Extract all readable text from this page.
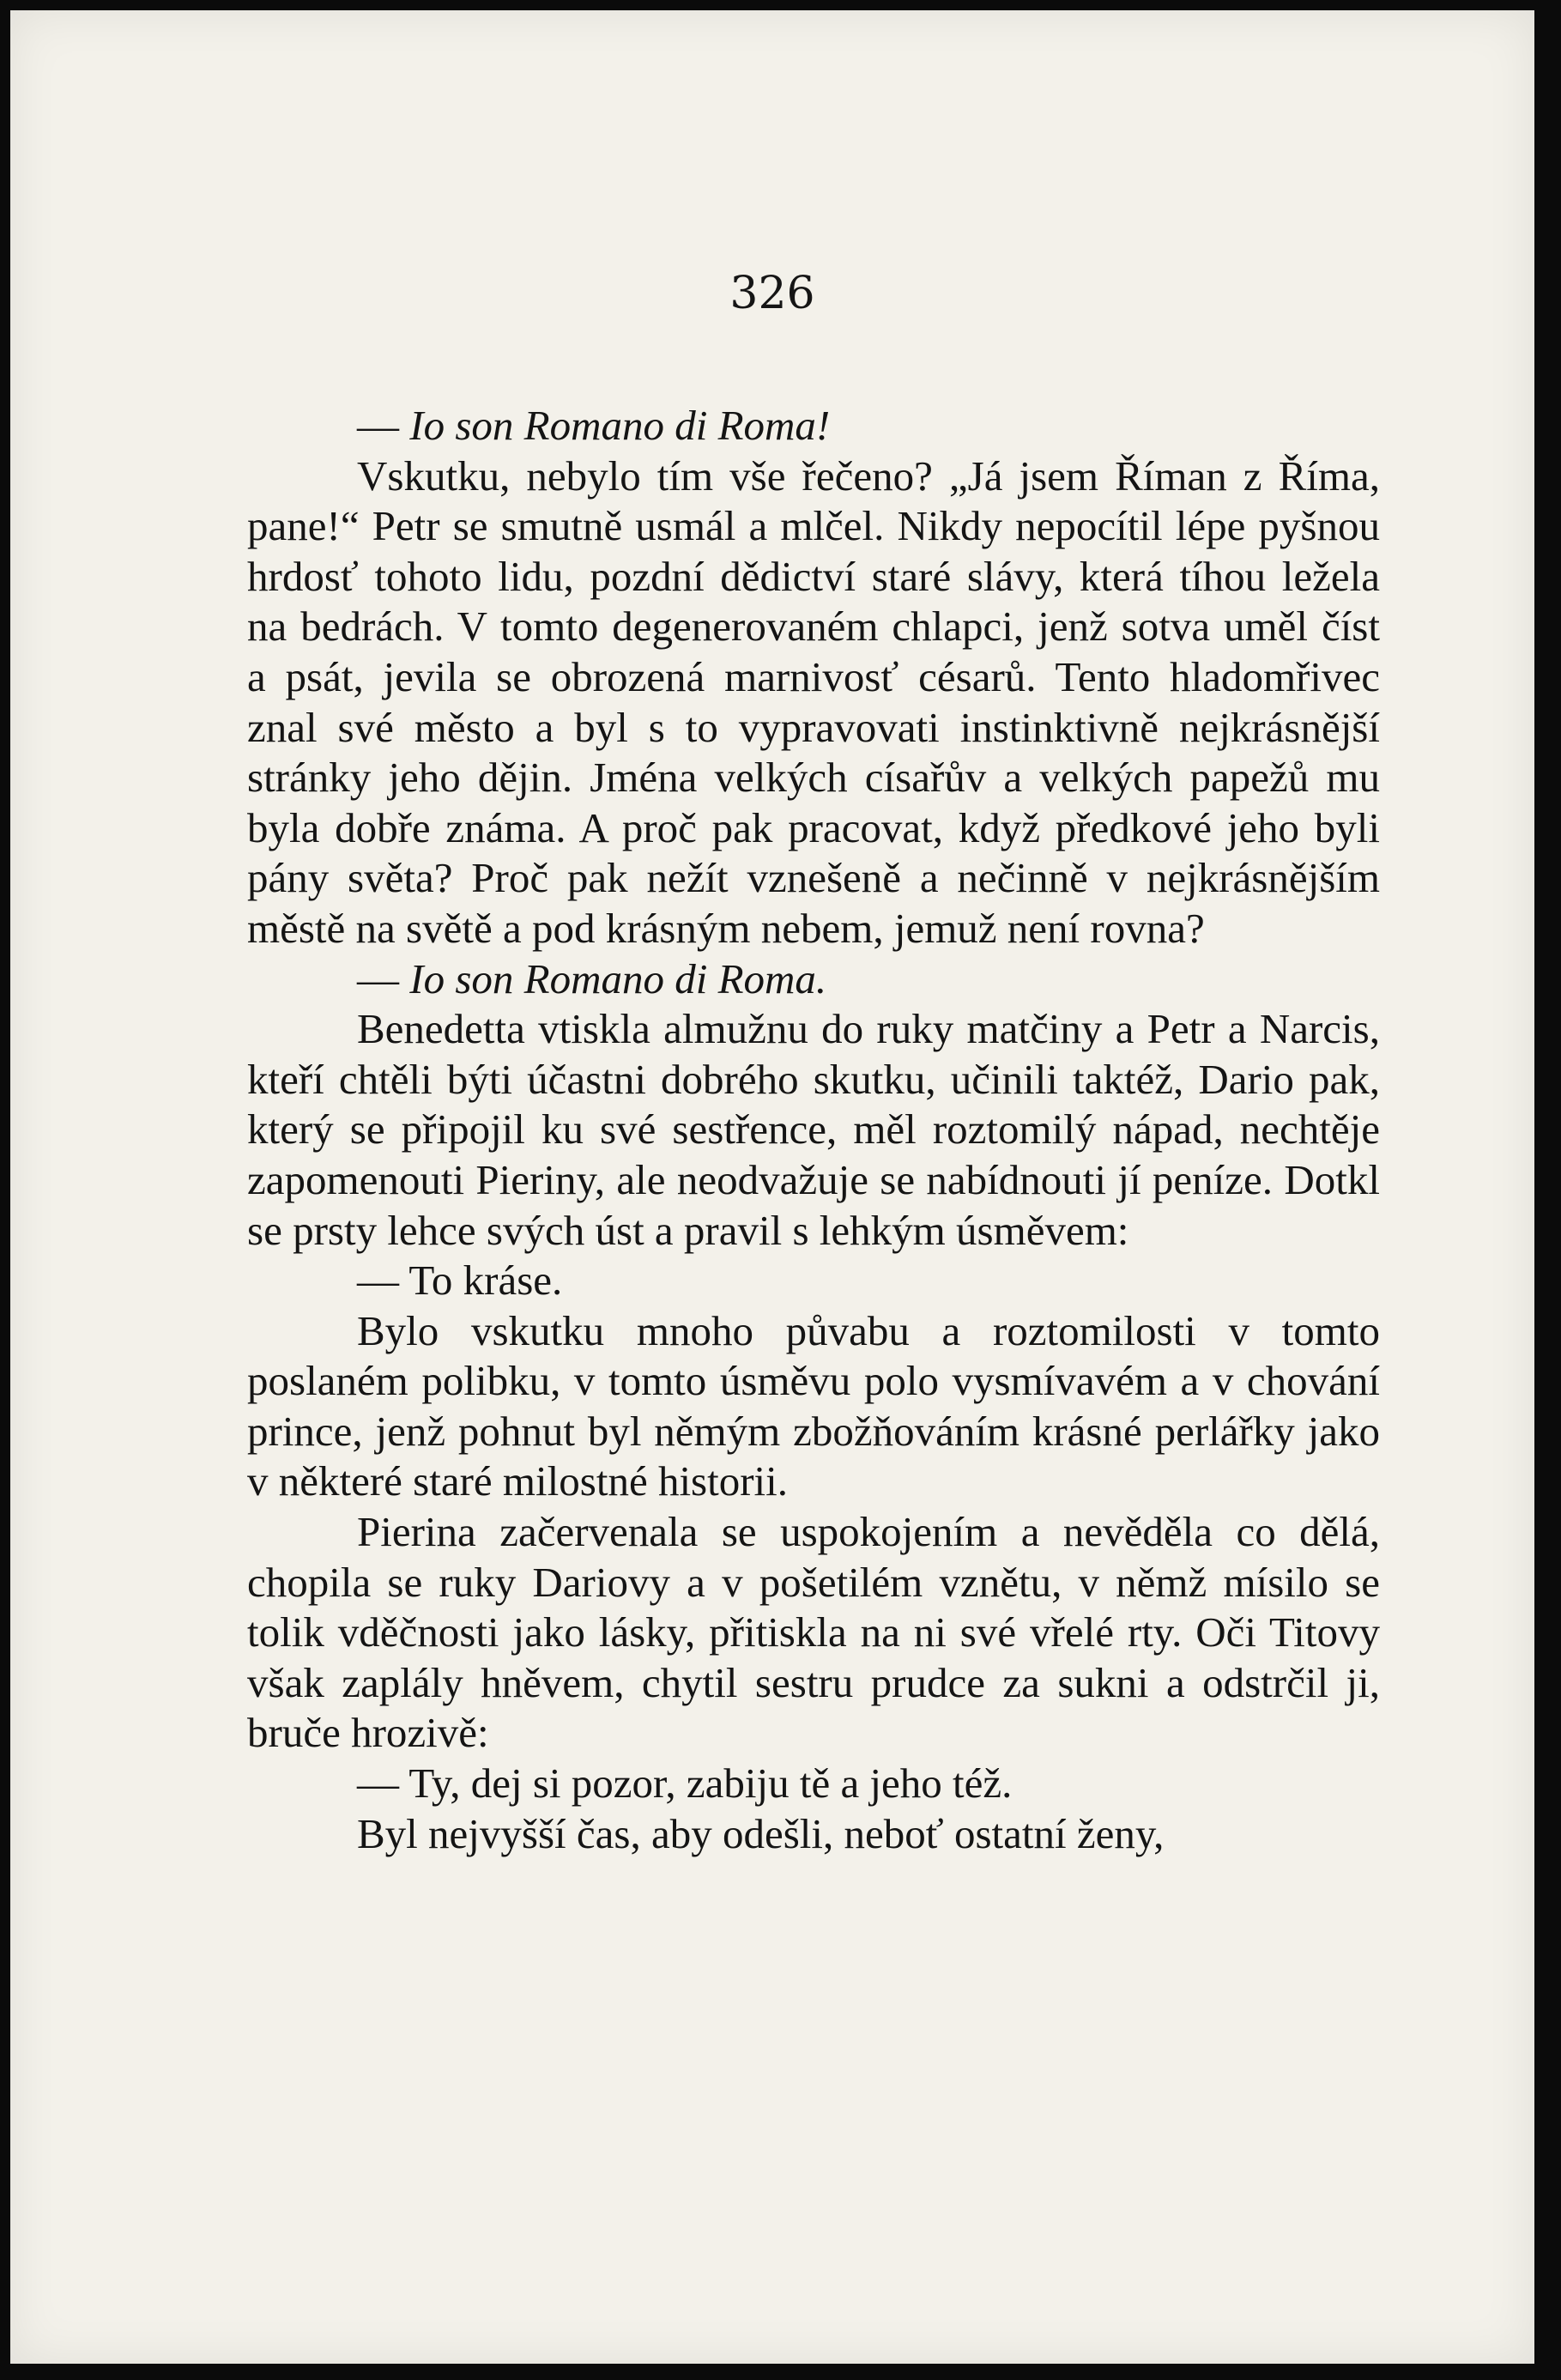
326

— Io son Romano di Roma!

Vskutku, nebylo tím vše řečeno? „Já jsem Říman z Říma, pane!“ Petr se smutně usmál a mlčel. Nikdy nepocítil lépe pyšnou hrdosť tohoto lidu, pozdní dědictví staré slávy, která tíhou ležela na bedrách. V tomto degenerovaném chlapci, jenž sotva uměl číst a psát, jevila se obrozená marnivosť césarů. Tento hladomřivec znal své město a byl s to vypravovati instinktivně nejkrásnější stránky jeho dějin. Jména velkých císařův a velkých papežů mu byla dobře známa. A proč pak pracovat, když předkové jeho byli pány světa? Proč pak nežít vznešeně a nečinně v nejkrásnějším městě na světě a pod krásným nebem, jemuž není rovna?

— Io son Romano di Roma.

Benedetta vtiskla almužnu do ruky matčiny a Petr a Narcis, kteří chtěli býti účastni dobrého skutku, učinili taktéž, Dario pak, který se připojil ku své sestřence, měl roztomilý nápad, nechtěje zapomenouti Pieriny, ale neodvažuje se nabídnouti jí peníze. Dotkl se prsty lehce svých úst a pravil s lehkým úsměvem:

— To kráse.

Bylo vskutku mnoho půvabu a roztomilosti v tomto poslaném polibku, v tomto úsměvu polo vysmívavém a v chování prince, jenž pohnut byl němým zbožňováním krásné perlářky jako v některé staré milostné historii.

Pierina začervenala se uspokojením a nevěděla co dělá, chopila se ruky Dariovy a v pošetilém vznětu, v němž mísilo se tolik vděčnosti jako lásky, přitiskla na ni své vřelé rty. Oči Titovy však zaplály hněvem, chytil sestru prudce za sukni a odstrčil ji, bruče hrozivě:

— Ty, dej si pozor, zabiju tě a jeho též.

Byl nejvyšší čas, aby odešli, neboť ostatní ženy,
